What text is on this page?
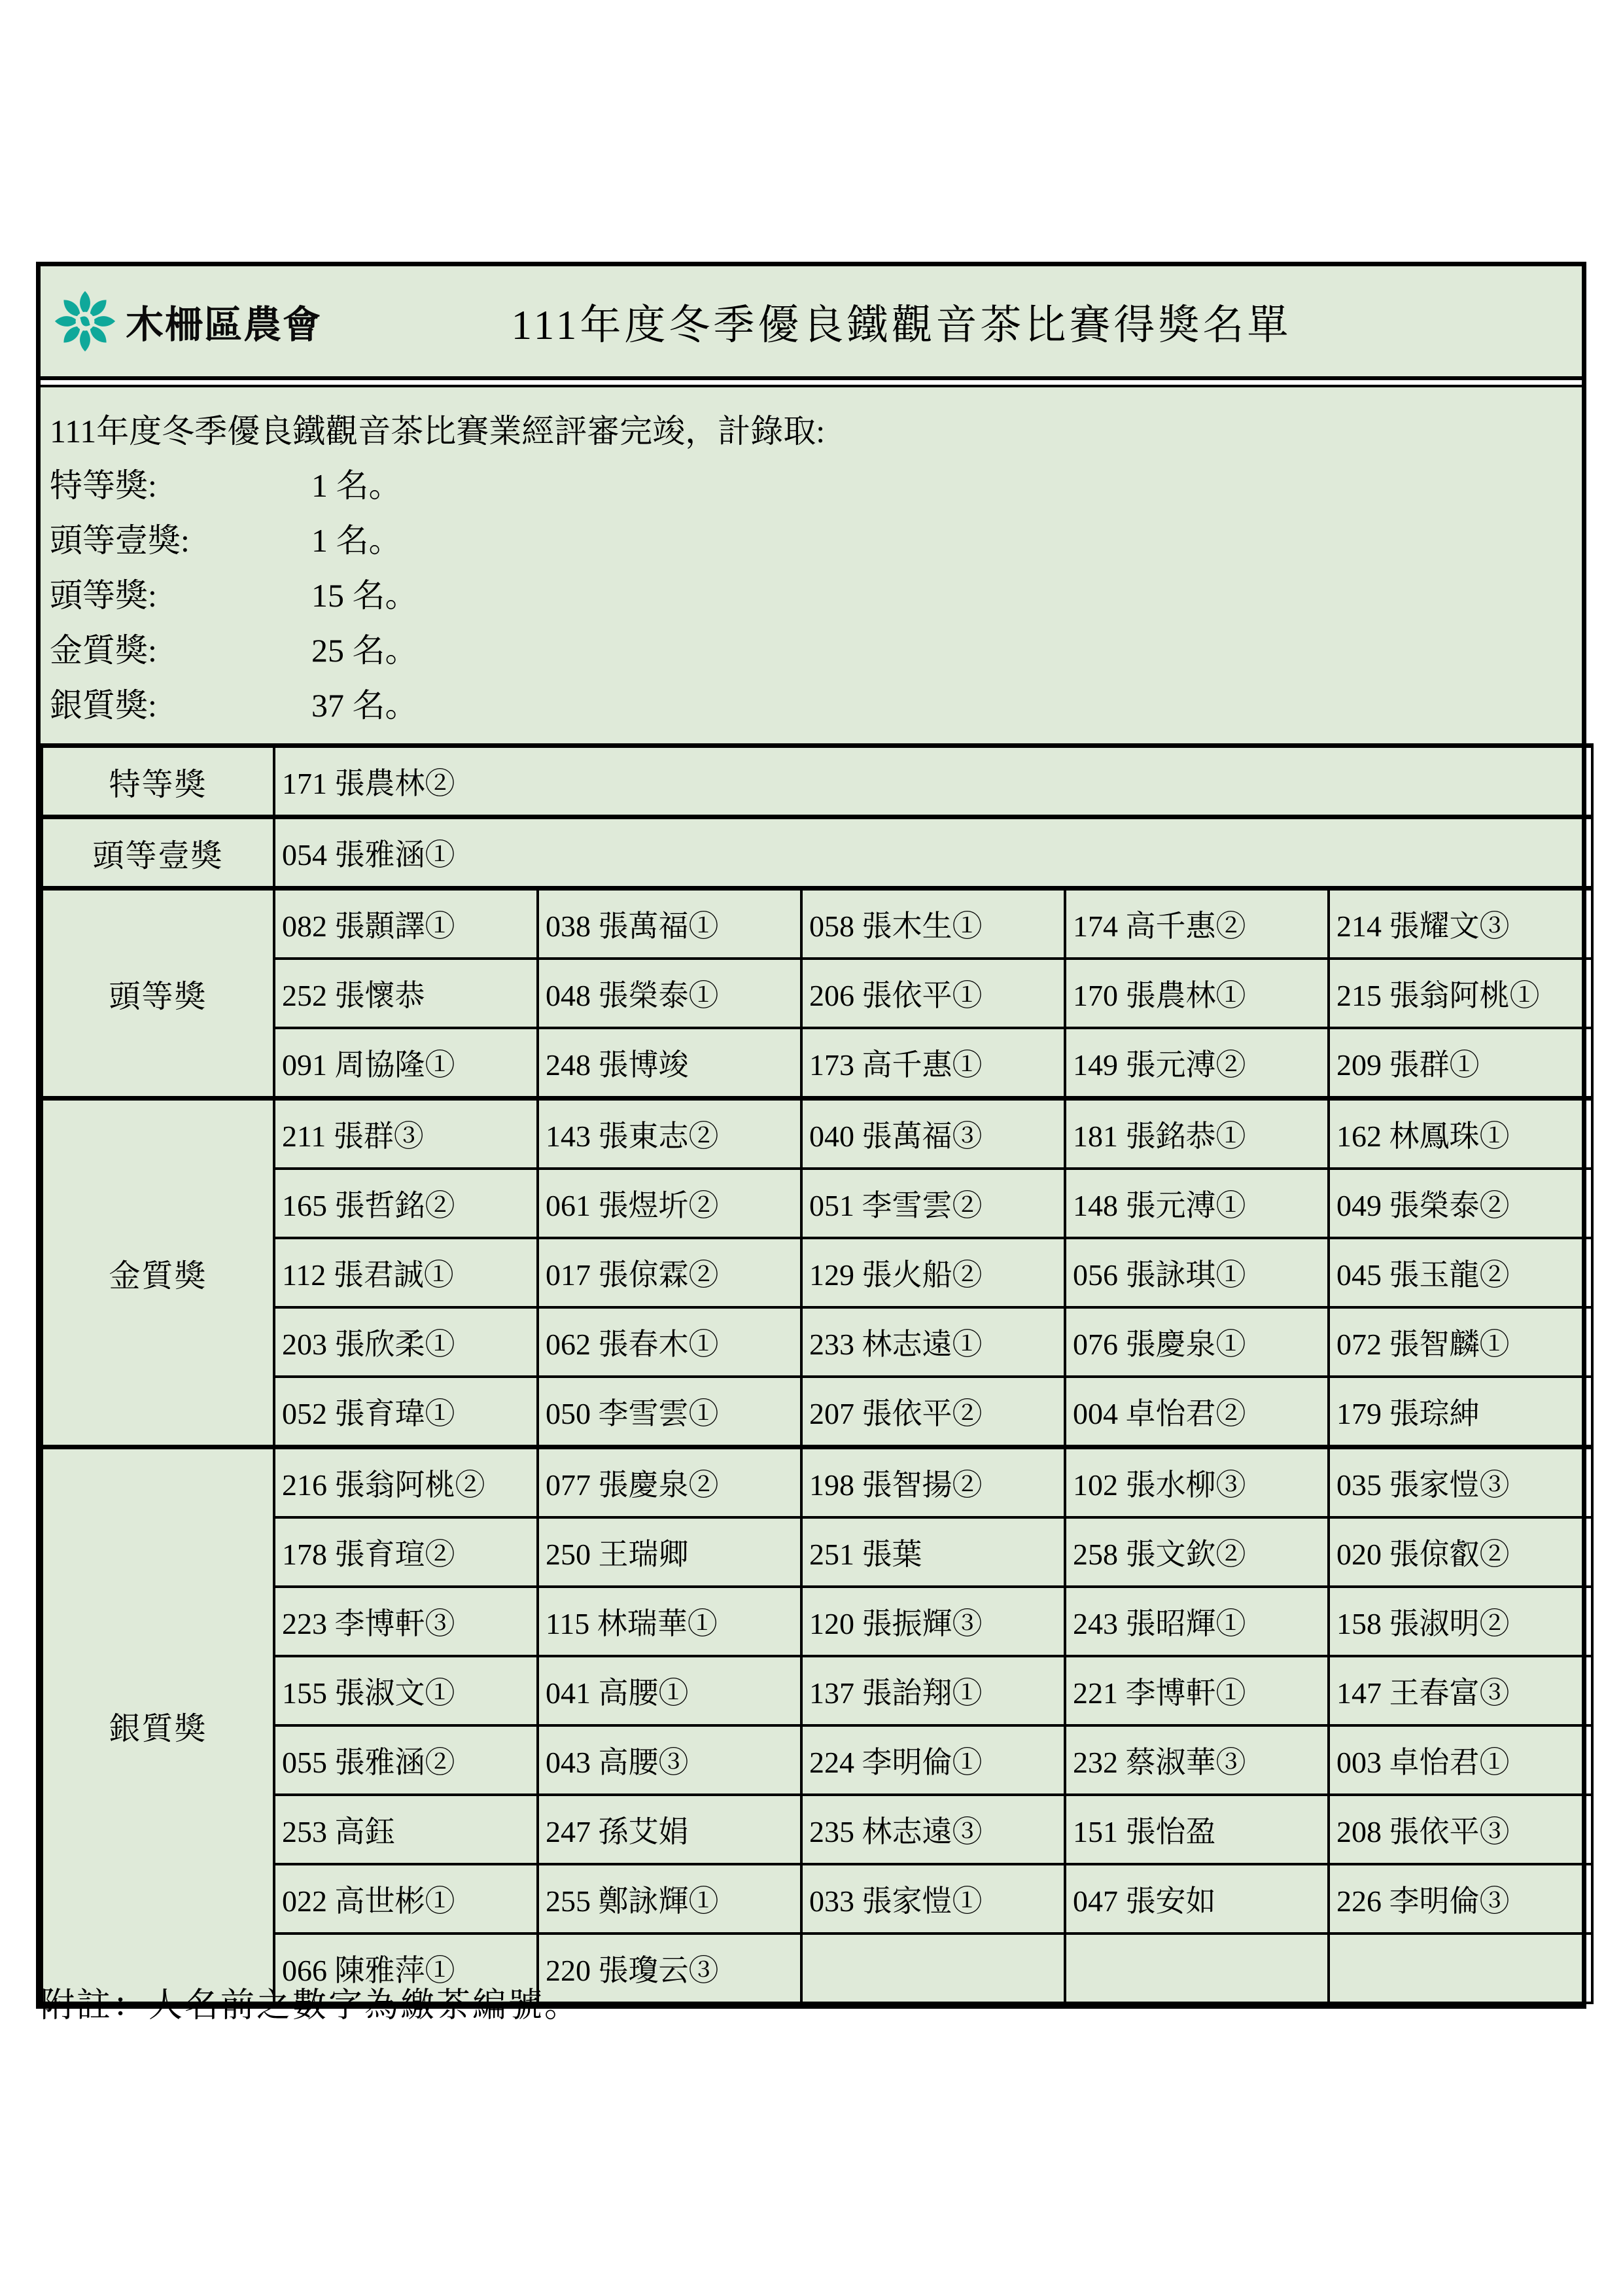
木柵區農會	111年度冬季優良鐵觀音茶比賽得獎名單
111年度冬季優良鐵觀音茶比賽業經評審完竣，計錄取:
特等獎:	1 名。
頭等壹獎:	1 名。
頭等獎:	15 名。
金質獎:	25 名。
銀質獎:	37 名。
特等獎	171 張農林②				
頭等壹獎	054 張雅涵①				
頭等獎	082 張顥譯①	038 張萬福①	058 張木生①	174 高千惠②	214 張耀文③
	252 張懷恭	048 張榮泰①	206 張依平①	170 張農林①	215 張翁阿桃①
	091 周協隆①	248 張博竣	173 高千惠①	149 張元溥②	209 張群①
金質獎	211 張群③	143 張東志②	040 張萬福③	181 張銘恭①	162 林鳳珠①
	165 張哲銘②	061 張煜圻②	051 李雪雲②	148 張元溥①	049 張榮泰②
	112 張君誠①	017 張倞霖②	129 張火船②	056 張詠琪①	045 張玉龍②
	203 張欣柔①	062 張春木①	233 林志遠①	076 張慶泉①	072 張智麟①
	052 張育瑋①	050 李雪雲①	207 張依平②	004 卓怡君②	179 張琮紳
銀質獎	216 張翁阿桃②	077 張慶泉②	198 張智揚②	102 張水柳③	035 張家愷③
	178 張育瑄②	250 王瑞卿	251 張葉	258 張文欽②	020 張倞叡②
	223 李博軒③	115 林瑞華①	120 張振輝③	243 張昭輝①	158 張淑明②
	155 張淑文①	041 高腰①	137 張詒翔①	221 李博軒①	147 王春富③
	055 張雅涵②	043 高腰③	224 李明倫①	232 蔡淑華③	003 卓怡君①
	253 高鈺	247 孫艾娟	235 林志遠③	151 張怡盈	208 張依平③
	022 高世彬①	255 鄭詠輝①	033 張家愷①	047 張安如	226 李明倫③
	066 陳雅萍①	220 張瓊云③			
附註：人名前之數字為繳茶編號。
